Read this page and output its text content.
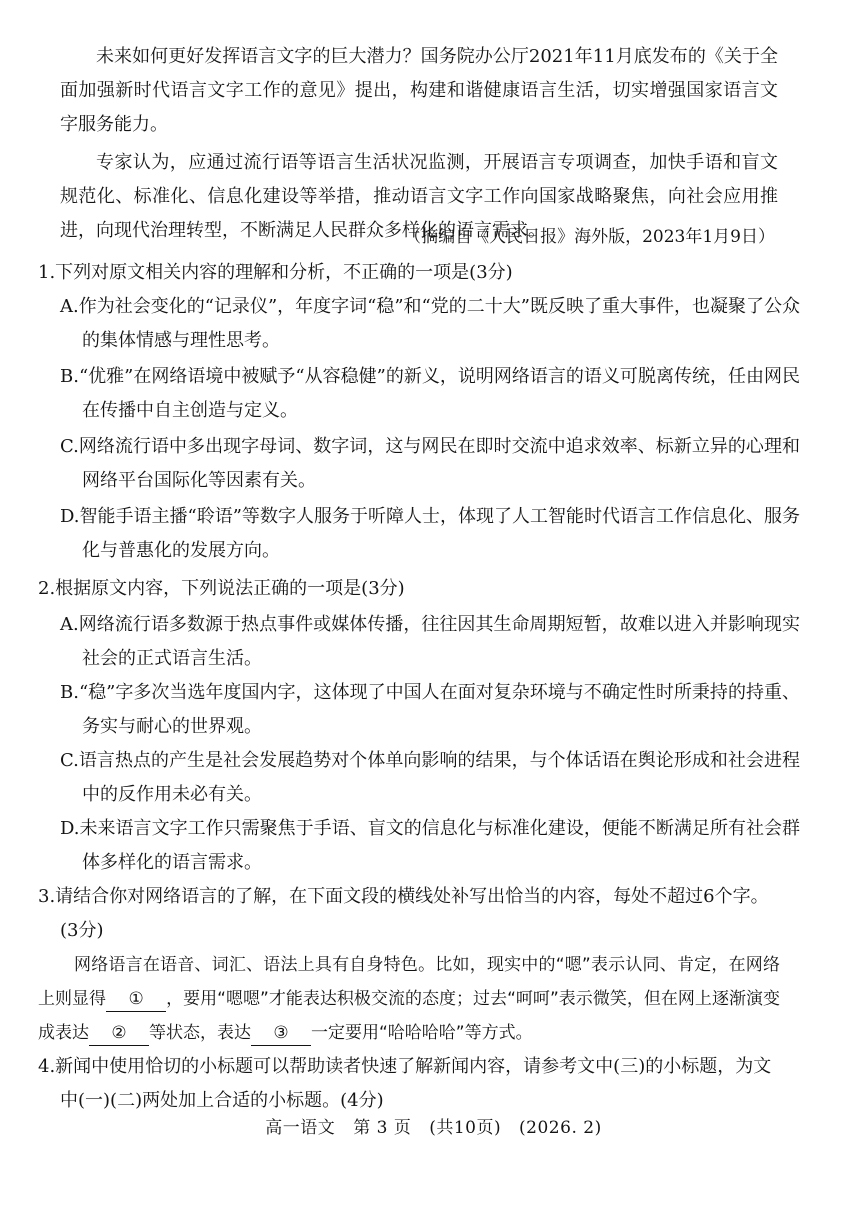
未来如何更好发挥语言文字的巨大潜力？国务院办公厅2021年11月底发布的《关于全面加强新时代语言文字工作的意见》提出，构建和谐健康语言生活，切实增强国家语言文字服务能力。

专家认为，应通过流行语等语言生活状况监测，开展语言专项调查，加快手语和盲文规范化、标准化、信息化建设等举措，推动语言文字工作向国家战略聚焦，向社会应用推进，向现代治理转型，不断满足人民群众多样化的语言需求。

（摘编自《人民日报》海外版，2023年1月9日）

1.下列对原文相关内容的理解和分析，不正确的一项是(3分)

A.作为社会变化的“记录仪”，年度字词“稳”和“党的二十大”既反映了重大事件，也凝聚了公众的集体情感与理性思考。

B.“优雅”在网络语境中被赋予“从容稳健”的新义，说明网络语言的语义可脱离传统，任由网民在传播中自主创造与定义。

C.网络流行语中多出现字母词、数字词，这与网民在即时交流中追求效率、标新立异的心理和网络平台国际化等因素有关。

D.智能手语主播“聆语”等数字人服务于听障人士，体现了人工智能时代语言工作信息化、服务化与普惠化的发展方向。

2.根据原文内容，下列说法正确的一项是(3分)

A.网络流行语多数源于热点事件或媒体传播，往往因其生命周期短暂，故难以进入并影响现实社会的正式语言生活。

B.“稳”字多次当选年度国内字，这体现了中国人在面对复杂环境与不确定性时所秉持的持重、务实与耐心的世界观。

C.语言热点的产生是社会发展趋势对个体单向影响的结果，与个体话语在舆论形成和社会进程中的反作用未必有关。

D.未来语言文字工作只需聚焦于手语、盲文的信息化与标准化建设，便能不断满足所有社会群体多样化的语言需求。

3.请结合你对网络语言的了解，在下面文段的横线处补写出恰当的内容，每处不超过6个字。(3分)

网络语言在语音、词汇、语法上具有自身特色。比如，现实中的“嗯”表示认同、肯定，在网络上则显得 ① ，要用“嗯嗯”才能表达积极交流的态度；过去“呵呵”表示微笑，但在网上逐渐演变成表达 ② 等状态，表达 ③ 一定要用“哈哈哈哈”等方式。

4.新闻中使用恰切的小标题可以帮助读者快速了解新闻内容，请参考文中(三)的小标题，为文中(一)(二)两处加上合适的小标题。(4分)

高一语文 第 3 页 (共10页) (2026. 2)
